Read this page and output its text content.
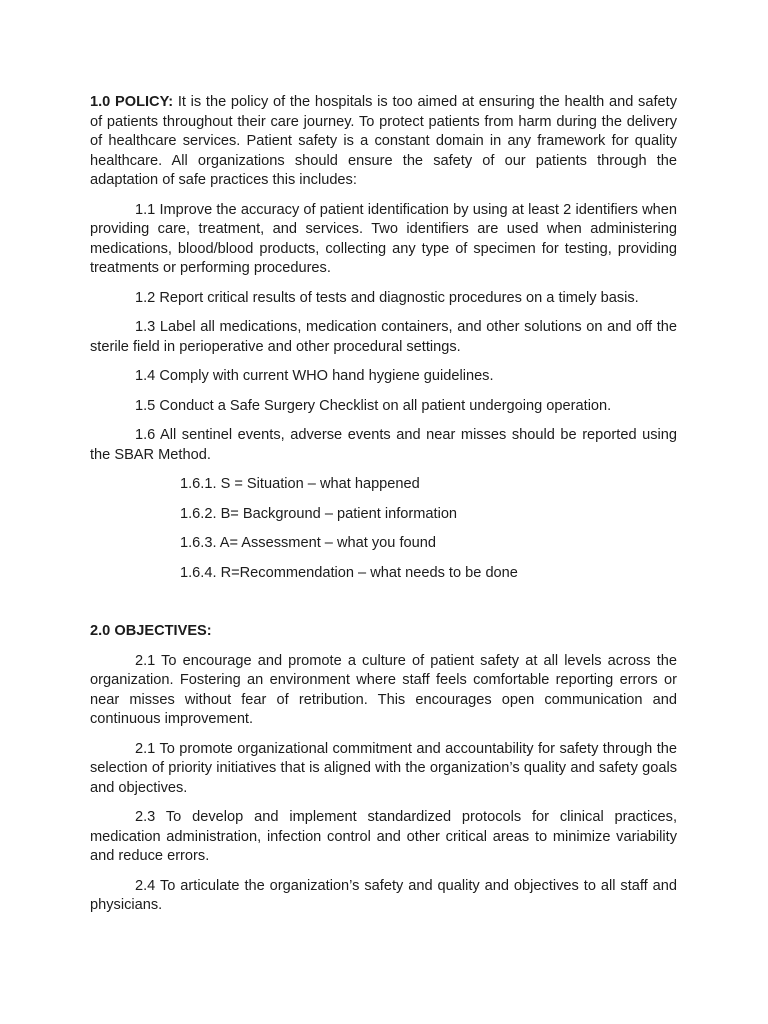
1.0 POLICY: It is the policy of the hospitals is too aimed at ensuring the health and safety of patients throughout their care journey. To protect patients from harm during the delivery of healthcare services. Patient safety is a constant domain in any framework for quality healthcare. All organizations should ensure the safety of our patients through the adaptation of safe practices this includes:

1.1 Improve the accuracy of patient identification by using at least 2 identifiers when providing care, treatment, and services. Two identifiers are used when administering medications, blood/blood products, collecting any type of specimen for testing, providing treatments or performing procedures.

1.2 Report critical results of tests and diagnostic procedures on a timely basis.

1.3 Label all medications, medication containers, and other solutions on and off the sterile field in perioperative and other procedural settings.

1.4 Comply with current WHO hand hygiene guidelines.

1.5 Conduct a Safe Surgery Checklist on all patient undergoing operation.

1.6 All sentinel events, adverse events and near misses should be reported using the SBAR Method.

1.6.1. S = Situation – what happened

1.6.2. B= Background – patient information

1.6.3. A= Assessment – what you found

1.6.4. R=Recommendation – what needs to be done

2.0 OBJECTIVES:

2.1 To encourage and promote a culture of patient safety at all levels across the organization. Fostering an environment where staff feels comfortable reporting errors or near misses without fear of retribution. This encourages open communication and continuous improvement.

2.1 To promote organizational commitment and accountability for safety through the selection of priority initiatives that is aligned with the organization’s quality and safety goals and objectives.

2.3 To develop and implement standardized protocols for clinical practices, medication administration, infection control and other critical areas to minimize variability and reduce errors.

2.4 To articulate the organization’s safety and quality and objectives to all staff and physicians.
